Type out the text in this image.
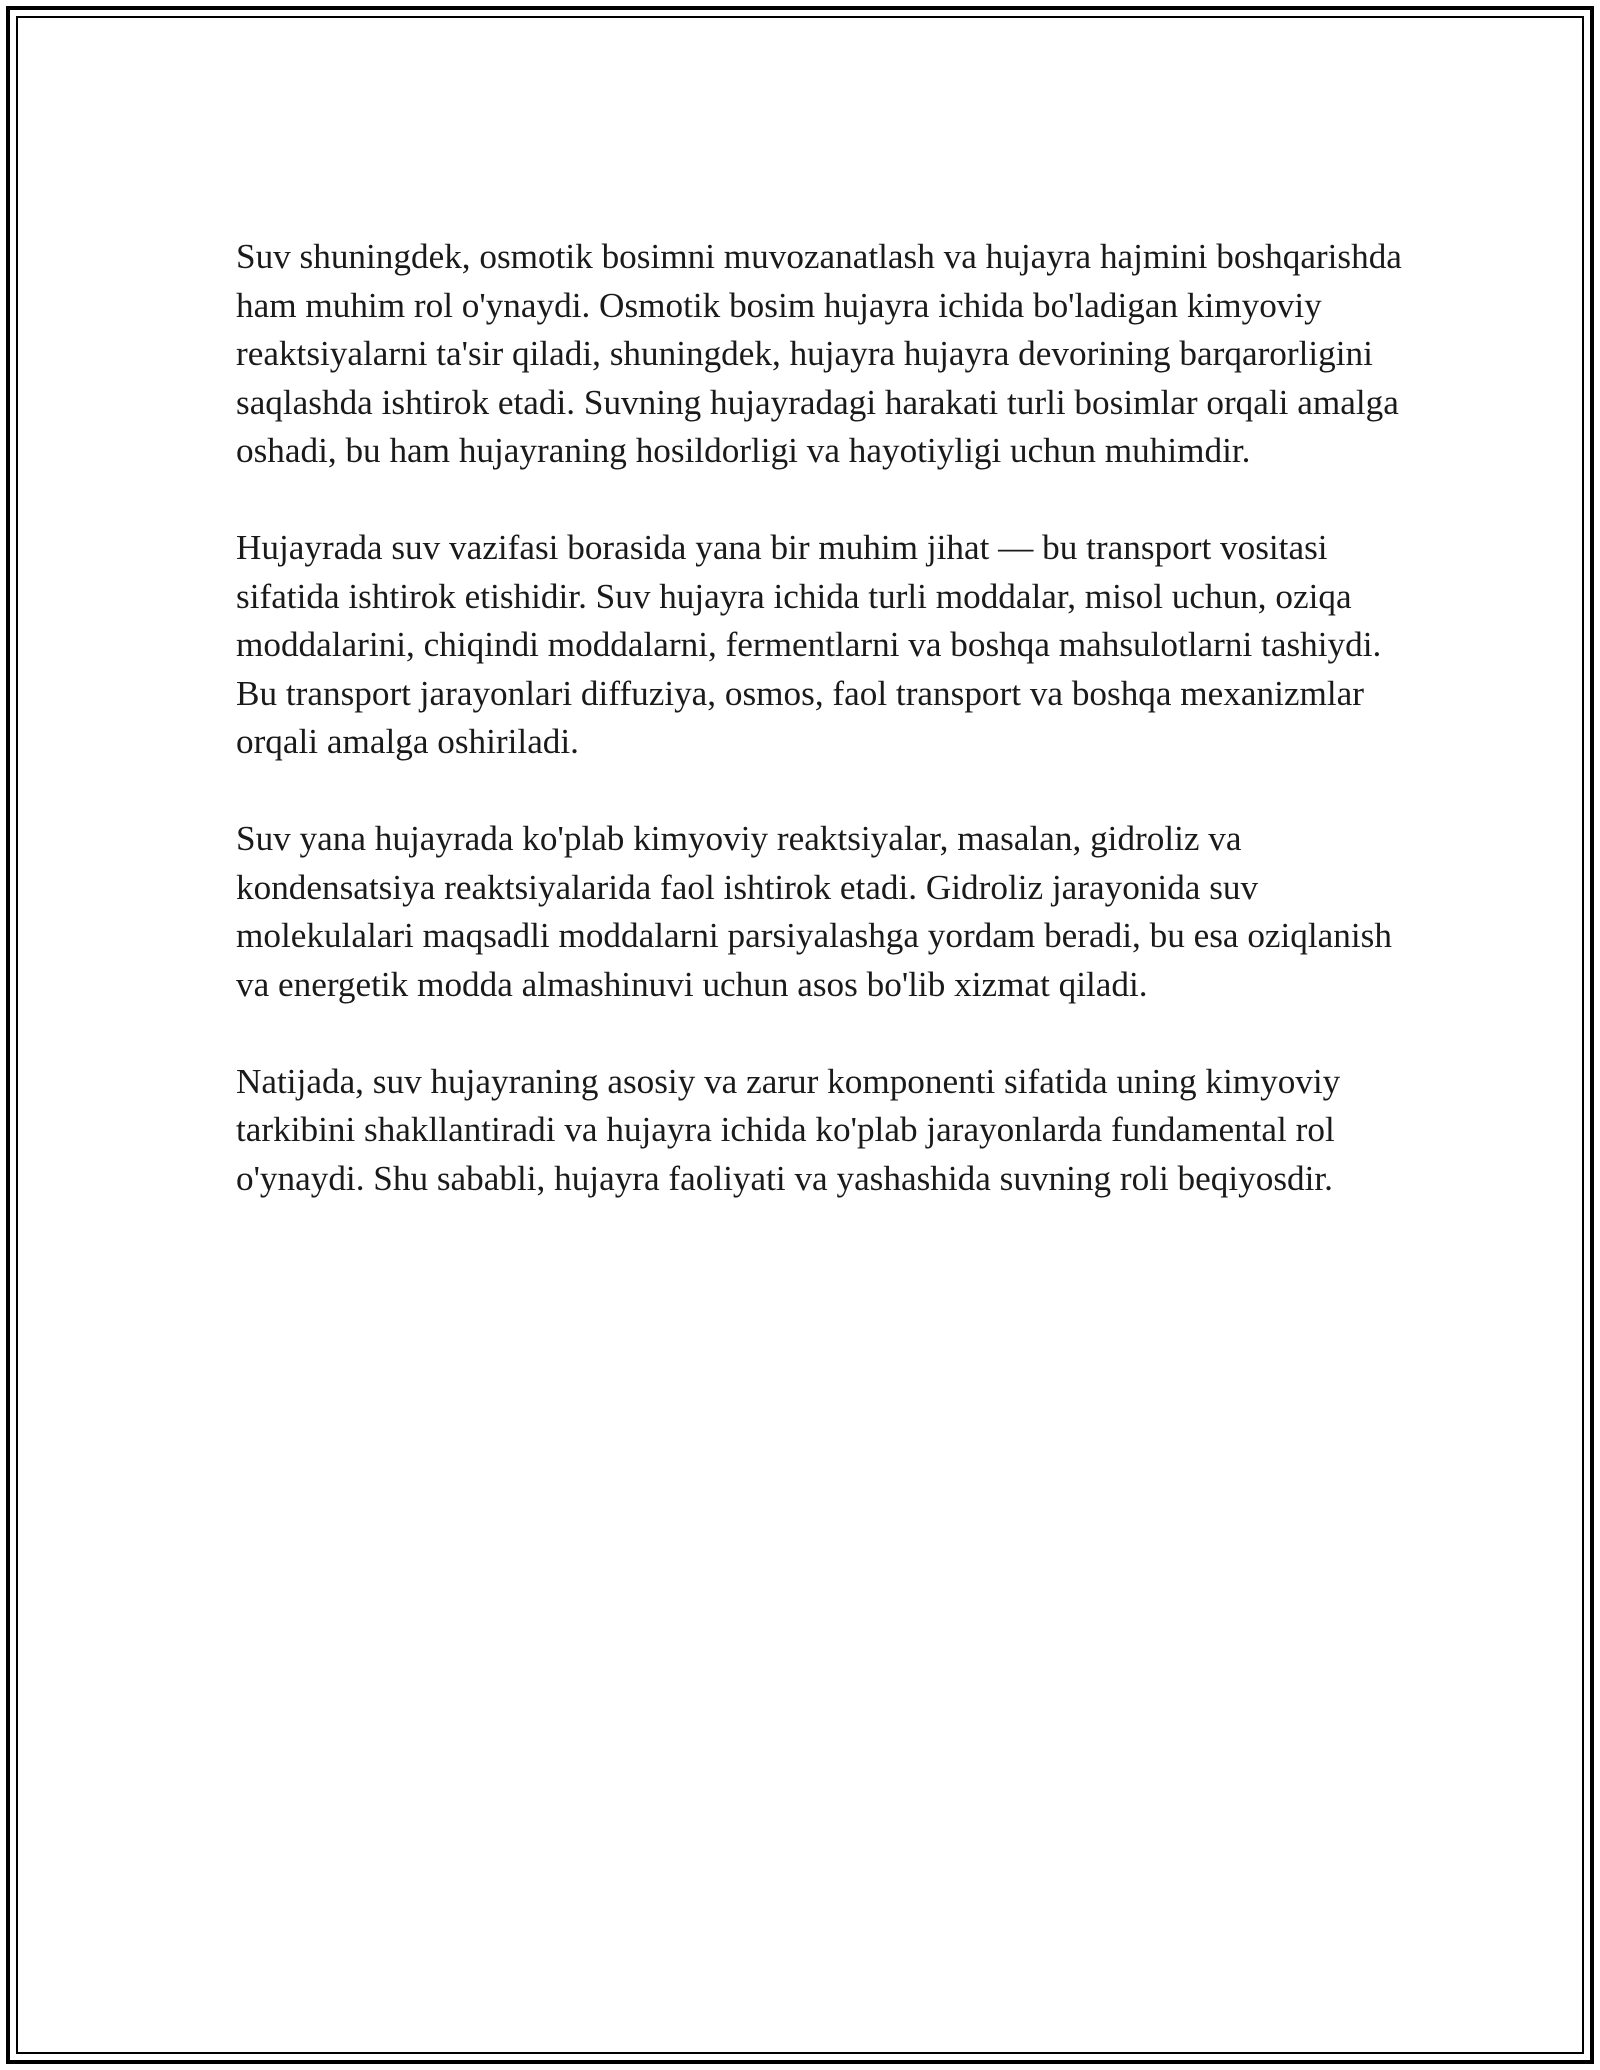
Suv shuningdek, osmotik bosimni muvozanatlash va hujayra hajmini boshqarishda ham muhim rol o'ynaydi. Osmotik bosim hujayra ichida bo'ladigan kimyoviy reaktsiyalarni ta'sir qiladi, shuningdek, hujayra hujayra devorining barqarorligini saqlashda ishtirok etadi. Suvning hujayradagi harakati turli bosimlar orqali amalga oshadi, bu ham hujayraning hosildorligi va hayotiyligi uchun muhimdir.

Hujayrada suv vazifasi borasida yana bir muhim jihat — bu transport vositasi sifatida ishtirok etishidir. Suv hujayra ichida turli moddalar, misol uchun, oziqa moddalarini, chiqindi moddalarni, fermentlarni va boshqa mahsulotlarni tashiydi. Bu transport jarayonlari diffuziya, osmos, faol transport va boshqa mexanizmlar orqali amalga oshiriladi.

Suv yana hujayrada ko'plab kimyoviy reaktsiyalar, masalan, gidroliz va kondensatsiya reaktsiyalarida faol ishtirok etadi. Gidroliz jarayonida suv molekulalari maqsadli moddalarni parsiyalashga yordam beradi, bu esa oziqlanish va energetik modda almashinuvi uchun asos bo'lib xizmat qiladi.

Natijada, suv hujayraning asosiy va zarur komponenti sifatida uning kimyoviy tarkibini shakllantiradi va hujayra ichida ko'plab jarayonlarda fundamental rol o'ynaydi. Shu sababli, hujayra faoliyati va yashashida suvning roli beqiyosdir.
